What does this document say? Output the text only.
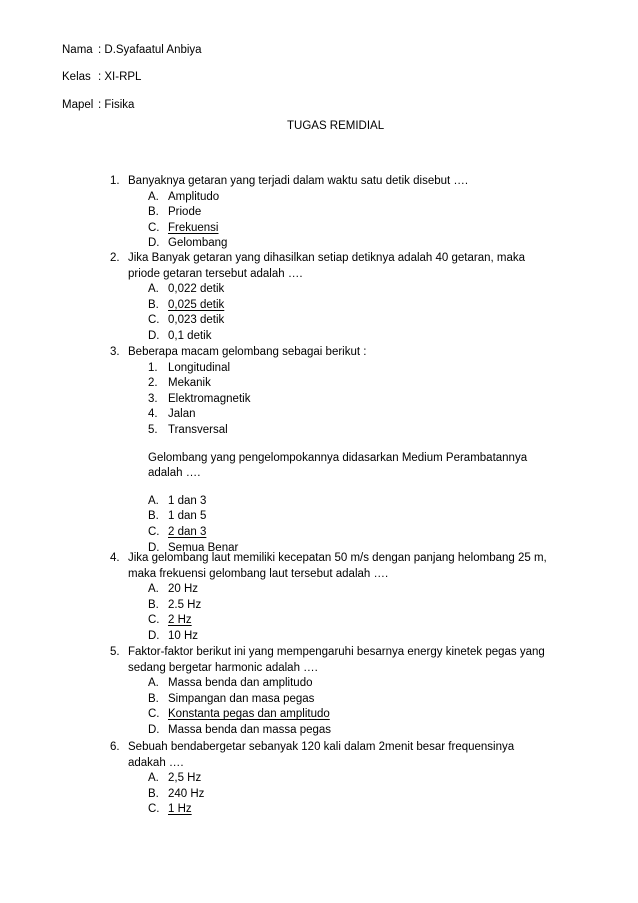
Nama : D.Syafaatul Anbiya
Kelas : XI-RPL
Mapel : Fisika
TUGAS REMIDIAL
1. Banyaknya getaran yang terjadi dalam waktu satu detik disebut ….
A. Amplitudo
B. Priode
C. Frekuensi
D. Gelombang
2. Jika Banyak getaran yang dihasilkan setiap detiknya adalah 40 getaran, maka
priode getaran tersebut adalah ….
A. 0,022 detik
B. 0,025 detik
C. 0,023 detik
D. 0,1 detik
3. Beberapa macam gelombang sebagai berikut :
1. Longitudinal
2. Mekanik
3. Elektromagnetik
4. Jalan
5. Transversal
Gelombang yang pengelompokannya didasarkan Medium Perambatannya
adalah ….
A. 1 dan 3
B. 1 dan 5
C. 2 dan 3
D. Semua Benar
4. Jika gelombang laut memiliki kecepatan 50 m/s dengan panjang helombang 25 m,
maka frekuensi gelombang laut tersebut adalah ….
A. 20 Hz
B. 2.5 Hz
C. 2 Hz
D. 10 Hz
5. Faktor-faktor berikut ini yang mempengaruhi besarnya energy kinetek pegas yang
sedang bergetar harmonic adalah ….
A. Massa benda dan amplitudo
B. Simpangan dan masa pegas
C. Konstanta pegas dan amplitudo
D. Massa benda dan massa pegas
6. Sebuah bendabergetar sebanyak 120 kali dalam 2menit besar frequensinya
adakah ….
A. 2,5 Hz
B. 240 Hz
C. 1 Hz
